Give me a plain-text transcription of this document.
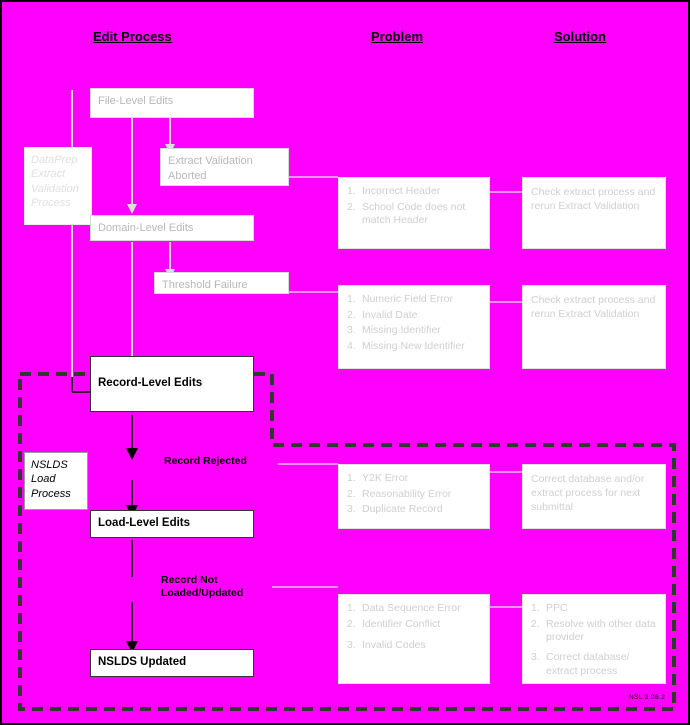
Edit Process	Problem	Solution
DataPrep Extract Validation Process
NSLDS Load Process
File-Level Edits
Extract Validation Aborted
Domain-Level Edits
Threshold Failure
Record-Level Edits
Load-Level Edits
NSLDS Updated
Record Rejected
Record Not Loaded/Updated
1. Incorrect Header
2. School Code does not match Header
Check extract process and rerun Extract Validation
1. Numeric Field Error
2. Invalid Date
3. Missing Identifier
4. Missing New Identifier
Check extract process and rerun Extract Validation
1. Y2K Error
2. Reasonability Error
3. Duplicate Record
Correct database and/or extract process for next submittal
1. Data Sequence Error
2. Identifier Conflict
3. Invalid Codes
1. PPC
2. Resolve with other data provider
3. Correct database/ extract process
NSL 3.06.2
